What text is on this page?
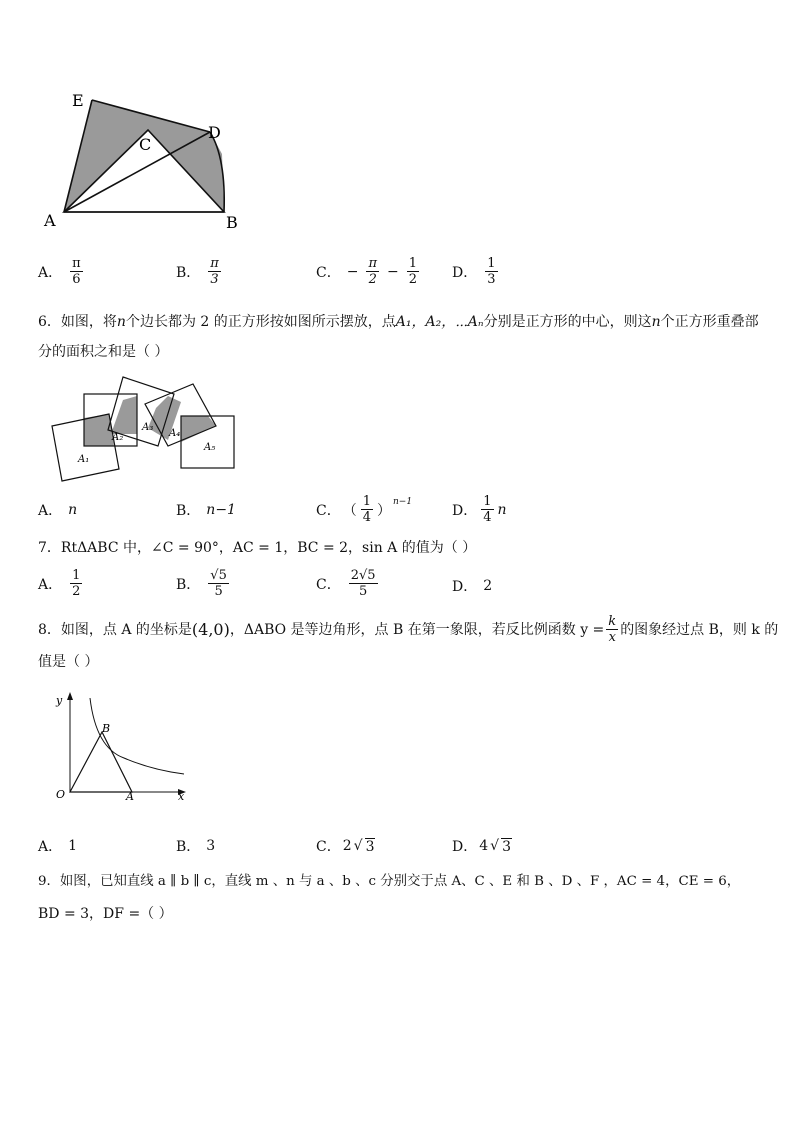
E
C
D
A	B
A． $\frac{\pi}{6}$	B． $\frac{\pi}{3}$	C． − $\frac{\pi}{2} - \frac{1}{2}$ D． $\frac{1}{3}$
6．如图，将n个边长都为 2 的正方形按如图所示摆放，点A₁，A₂，⋯Aₙ分别是正方形的中心，则这n个正方形重叠部
分的面积之和是（ ）
A₁
A₂
A₃
A₄
A₅
A． n	B． n−1	C． （ $\frac{1}{4}$ ）
$^{n-1}$
D． $\frac{1}{4}$ n
7．RtΔABC 中，∠C = 90°，AC = 1，BC = 2，sin A 的值为（ ）
A． $\frac{1}{2}$	B． $\frac{√5}{5}$	C． $\frac{2√5}{5}$	D． 2
8．如图，点 A 的坐标是 (4,0) ，ΔABO 是等边角形，点 B 在第一象限，若反比例函数 $y = \frac{k}{x}$ 的图象经过点 B，则 k 的
值是（ ）
y
B
O	A	x
A． 1	B． 3	C． 2 √ 3	D． 4 √ 3
9．如图，已知直线 a ∥ b ∥ c，直线 m 、n 与 a 、b 、c 分别交于点 A、C 、E 和 B 、D 、F ，AC = 4，CE = 6，
BD = 3，DF =（ ）
